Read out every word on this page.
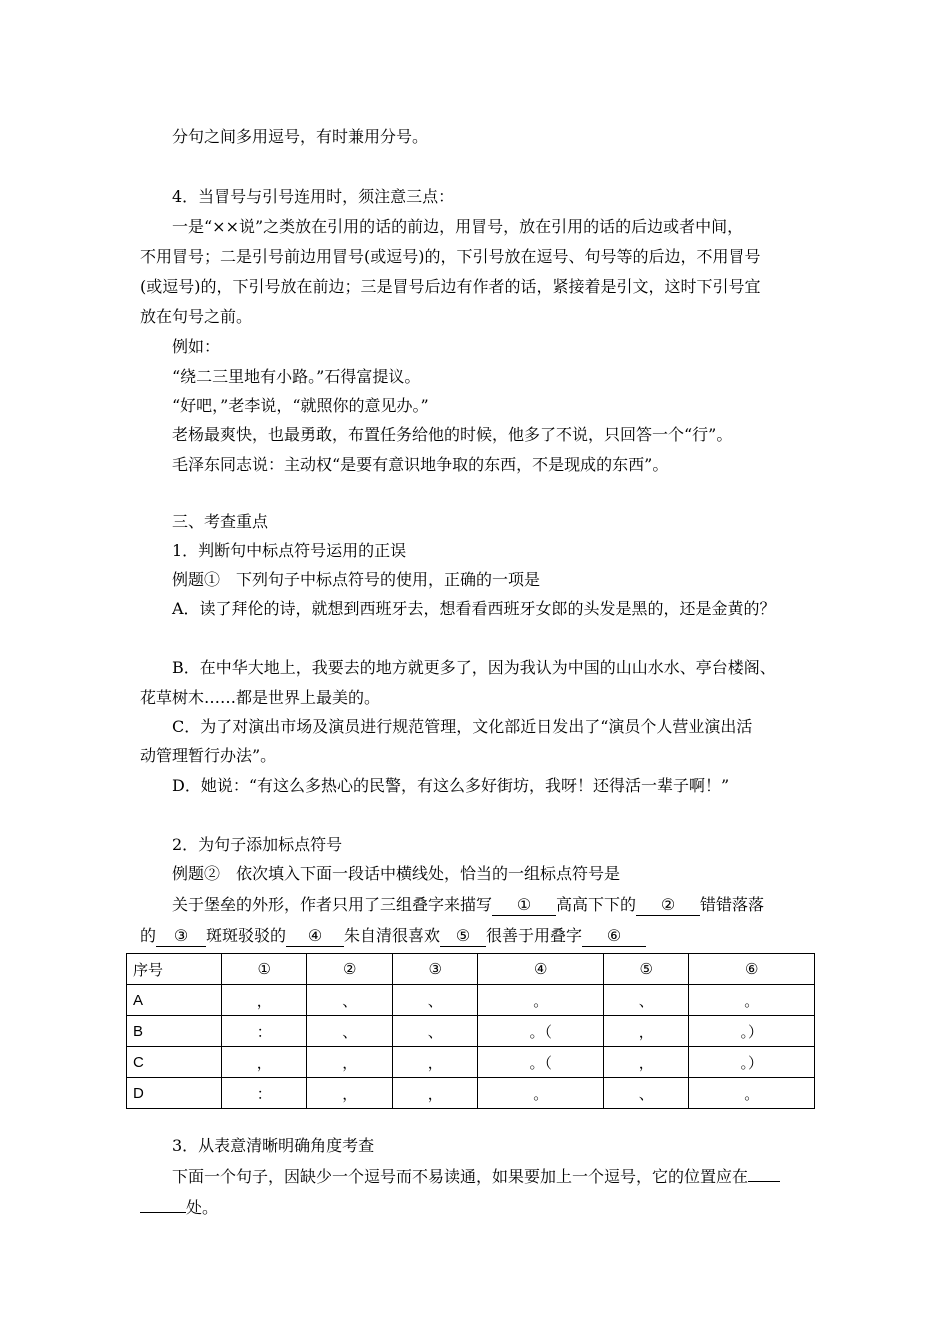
分句之间多用逗号，有时兼用分号。
4．当冒号与引号连用时，须注意三点：
一是“××说”之类放在引用的话的前边，用冒号，放在引用的话的后边或者中间，
不用冒号；二是引号前边用冒号(或逗号)的，下引号放在逗号、句号等的后边，不用冒号
(或逗号)的，下引号放在前边；三是冒号后边有作者的话，紧接着是引文，这时下引号宜
放在句号之前。
例如：
“绕二三里地有小路。”石得富提议。
“好吧，”老李说，“就照你的意见办。”
老杨最爽快，也最勇敢，布置任务给他的时候，他多了不说，只回答一个“行”。
毛泽东同志说：主动权“是要有意识地争取的东西，不是现成的东西”。
三、考查重点
1．判断句中标点符号运用的正误
例题①　下列句子中标点符号的使用，正确的一项是
A．读了拜伦的诗，就想到西班牙去，想看看西班牙女郎的头发是黑的，还是金黄的？
B．在中华大地上，我要去的地方就更多了，因为我认为中国的山山水水、亭台楼阁、
花草树木……都是世界上最美的。
C．为了对演出市场及演员进行规范管理，文化部近日发出了“演员个人营业演出活
动管理暂行办法”。
D．她说：“有这么多热心的民警，有这么多好街坊，我呀！还得活一辈子啊！”
2．为句子添加标点符号
例题②　依次填入下面一段话中横线处，恰当的一组标点符号是
关于堡垒的外形，作者只用了三组叠字来描写 ① 高高下下的 ② 错错落落
的 ③ 斑斑驳驳的 ④ 朱自清很喜欢 ⑤ 很善于用叠字 ⑥
序号	①	②	③	④	⑤	⑥
A	，	、	、	。	、	。
B	：	、	、	。（	，	。）
C	，	，	，	。（	，	。）
D	：	，	，	。	、	。
3．从表意清晰明确角度考查
下面一个句子，因缺少一个逗号而不易读通，如果要加上一个逗号，它的位置应在
处。
